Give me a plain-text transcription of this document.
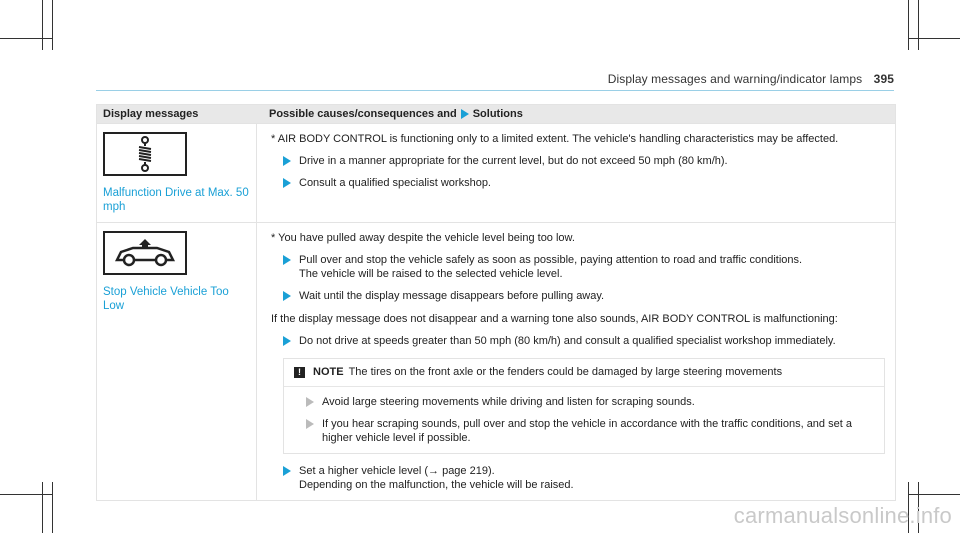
Display messages and warning/indicator lamps 395
Display messages	Possible causes/consequences and Solutions
Malfunction Drive at Max. 50 mph
* AIR BODY CONTROL is functioning only to a limited extent. The vehicle's handling characteristics may be affected.
Drive in a manner appropriate for the current level, but do not exceed 50 mph (80 km/h).
Consult a qualified specialist workshop.
Stop Vehicle Vehicle Too Low
* You have pulled away despite the vehicle level being too low.
Pull over and stop the vehicle safely as soon as possible, paying attention to road and traffic conditions.
The vehicle will be raised to the selected vehicle level.
Wait until the display message disappears before pulling away.
If the display message does not disappear and a warning tone also sounds, AIR BODY CONTROL is malfunctioning:
Do not drive at speeds greater than 50 mph (80 km/h) and consult a qualified specialist workshop immediately.
!	NOTE The tires on the front axle or the fenders could be damaged by large steering movements
Avoid large steering movements while driving and listen for scraping sounds.
If you hear scraping sounds, pull over and stop the vehicle in accordance with the traffic conditions, and set a higher vehicle level if possible.
Set a higher vehicle level (→ page 219).
Depending on the malfunction, the vehicle will be raised.
carmanualsonline.info
